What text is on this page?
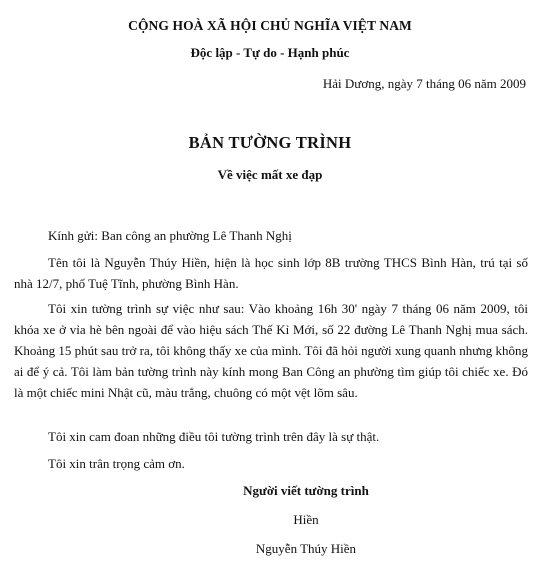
CỘNG HOÀ XÃ HỘI CHỦ NGHĨA VIỆT NAM
Độc lập - Tự do - Hạnh phúc
Hải Dương, ngày 7 tháng 06 năm 2009
BẢN TƯỜNG TRÌNH
Về việc mất xe đạp
Kính gửi: Ban công an phường Lê Thanh Nghị
Tên tôi là Nguyễn Thúy Hiền, hiện là học sinh lớp 8B trường THCS Bình Hàn, trú tại số nhà 12/7, phố Tuệ Tĩnh, phường Bình Hàn.
Tôi xin tường trình sự việc như sau: Vào khoảng 16h 30' ngày 7 tháng 06 năm 2009, tôi khóa xe ở vỉa hè bên ngoài để vào hiệu sách Thế Kỉ Mới, số 22 đường Lê Thanh Nghị mua sách. Khoảng 15 phút sau trở ra, tôi không thấy xe của mình. Tôi đã hỏi người xung quanh nhưng không ai để ý cả. Tôi làm bản tường trình này kính mong Ban Công an phường tìm giúp tôi chiếc xe. Đó là một chiếc mini Nhật cũ, màu trắng, chuông có một vệt lõm sâu.
Tôi xin cam đoan những điều tôi tường trình trên đây là sự thật.
Tôi xin trân trọng cảm ơn.
Người viết tường trình
Hiền
Nguyễn Thúy Hiền
